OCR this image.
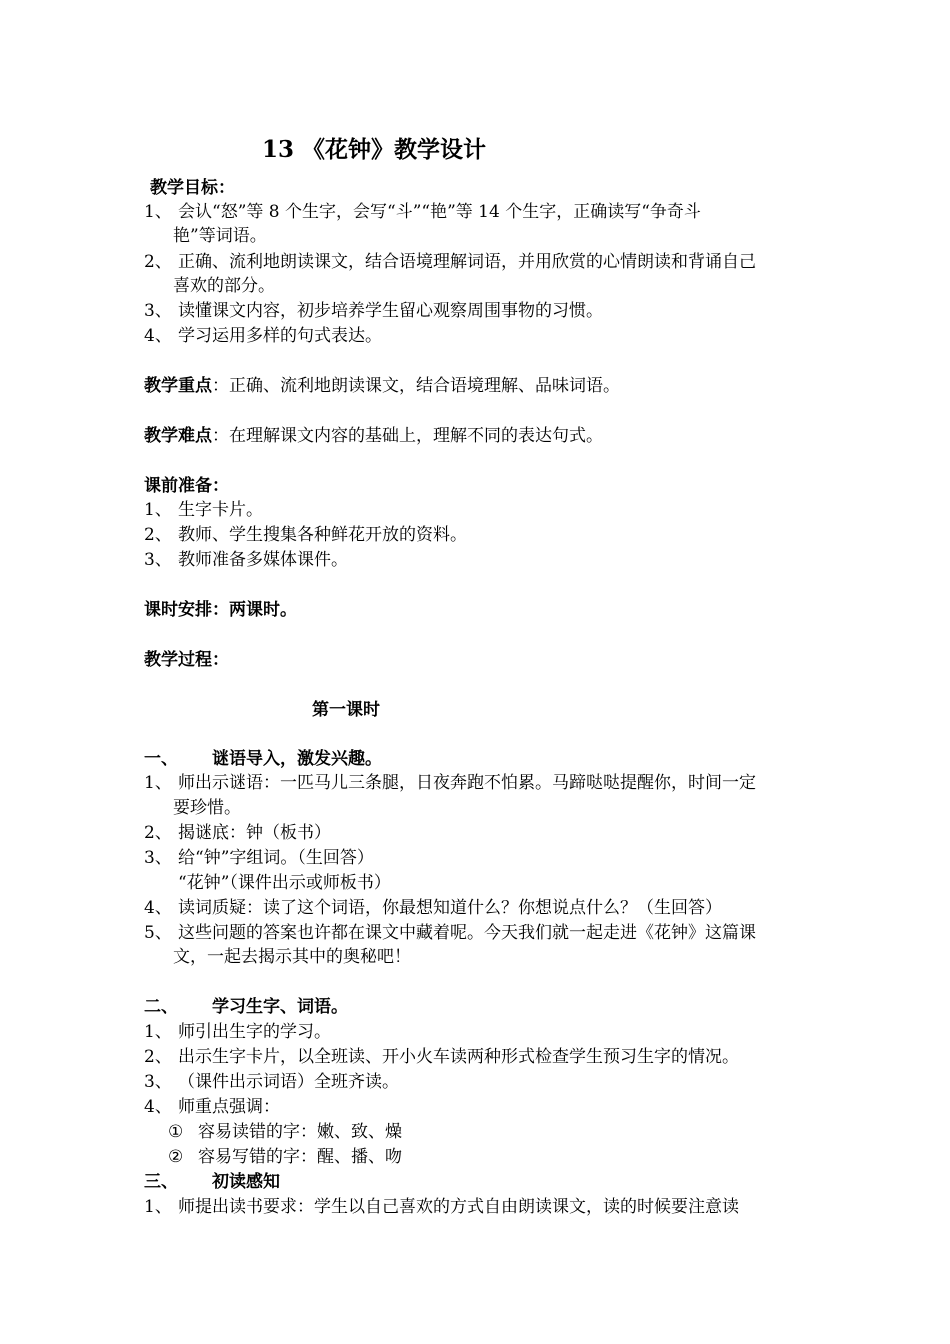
13 《花钟》教学设计
教学目标：
1、 会认“怒”等 8 个生字，会写“斗”“艳”等 14 个生字，正确读写“争奇斗
艳”等词语。
2、 正确、流利地朗读课文，结合语境理解词语，并用欣赏的心情朗读和背诵自己
喜欢的部分。
3、 读懂课文内容，初步培养学生留心观察周围事物的习惯。
4、 学习运用多样的句式表达。
教学重点：正确、流利地朗读课文，结合语境理解、品味词语。
教学难点：在理解课文内容的基础上，理解不同的表达句式。
课前准备：
1、 生字卡片。
2、 教师、学生搜集各种鲜花开放的资料。
3、 教师准备多媒体课件。
课时安排：两课时。
教学过程：
第一课时
一、 谜语导入，激发兴趣。
1、 师出示谜语：一匹马儿三条腿，日夜奔跑不怕累。马蹄哒哒提醒你，时间一定
要珍惜。
2、 揭谜底：钟（板书）
3、 给“钟”字组词。（生回答）
“花钟”（课件出示或师板书）
4、 读词质疑：读了这个词语，你最想知道什么？你想说点什么？（生回答）
5、 这些问题的答案也许都在课文中藏着呢。今天我们就一起走进《花钟》这篇课
文，一起去揭示其中的奥秘吧！
二、 学习生字、词语。
1、 师引出生字的学习。
2、 出示生字卡片，以全班读、开小火车读两种形式检查学生预习生字的情况。
3、 （课件出示词语）全班齐读。
4、 师重点强调：
① 容易读错的字：嫩、致、燥
② 容易写错的字：醒、播、吻
三、 初读感知
1、 师提出读书要求：学生以自己喜欢的方式自由朗读课文，读的时候要注意读
